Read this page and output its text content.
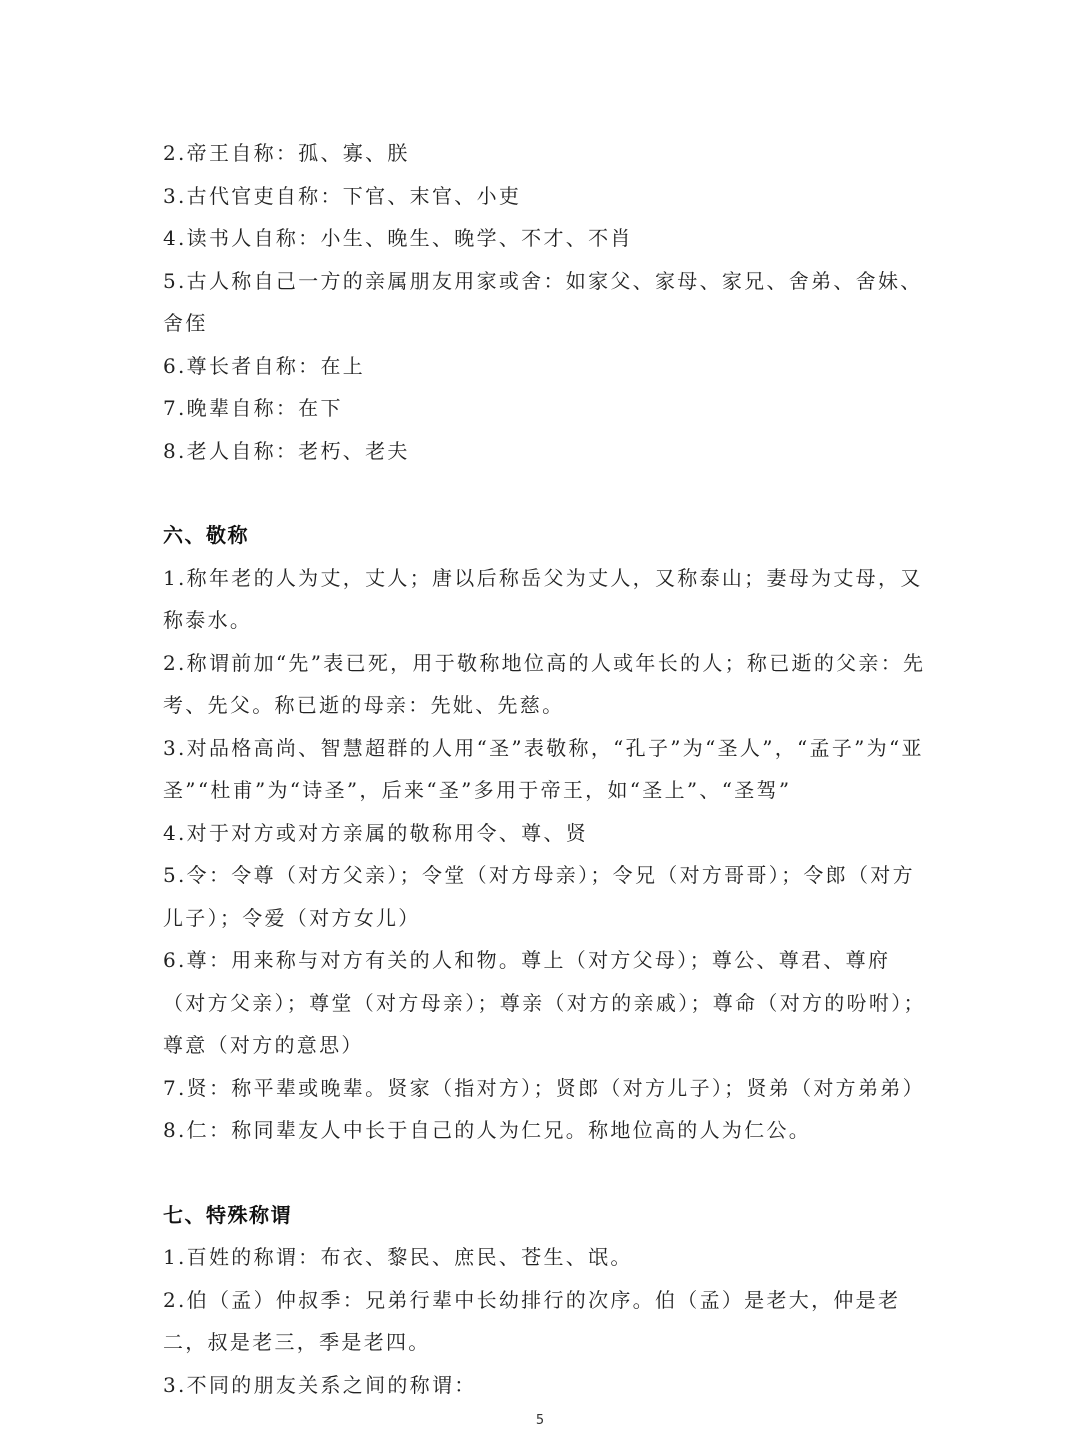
2.帝王自称：孤、寡、朕

3.古代官吏自称：下官、末官、小吏

4.读书人自称：小生、晚生、晚学、不才、不肖

5.古人称自己一方的亲属朋友用家或舍：如家父、家母、家兄、舍弟、舍妹、舍侄

6.尊长者自称：在上

7.晚辈自称：在下

8.老人自称：老朽、老夫

六、敬称

1.称年老的人为丈，丈人；唐以后称岳父为丈人，又称泰山；妻母为丈母，又称泰水。

2.称谓前加“先”表已死，用于敬称地位高的人或年长的人；称已逝的父亲：先考、先父。称已逝的母亲：先妣、先慈。

3.对品格高尚、智慧超群的人用“圣”表敬称，“孔子”为“圣人”，“孟子”为“亚圣”“杜甫”为“诗圣”，后来“圣”多用于帝王，如“圣上”、“圣驾”

4.对于对方或对方亲属的敬称用令、尊、贤

5.令：令尊（对方父亲）；令堂（对方母亲）；令兄（对方哥哥）；令郎（对方儿子）；令爱（对方女儿）

6.尊：用来称与对方有关的人和物。尊上（对方父母）；尊公、尊君、尊府（对方父亲）；尊堂（对方母亲）；尊亲（对方的亲戚）；尊命（对方的吩咐）；尊意（对方的意思）

7.贤：称平辈或晚辈。贤家（指对方）；贤郎（对方儿子）；贤弟（对方弟弟）

8.仁：称同辈友人中长于自己的人为仁兄。称地位高的人为仁公。

七、特殊称谓

1.百姓的称谓：布衣、黎民、庶民、苍生、氓。

2.伯（孟）仲叔季：兄弟行辈中长幼排行的次序。伯（孟）是老大，仲是老二，叔是老三，季是老四。

3.不同的朋友关系之间的称谓：

5
